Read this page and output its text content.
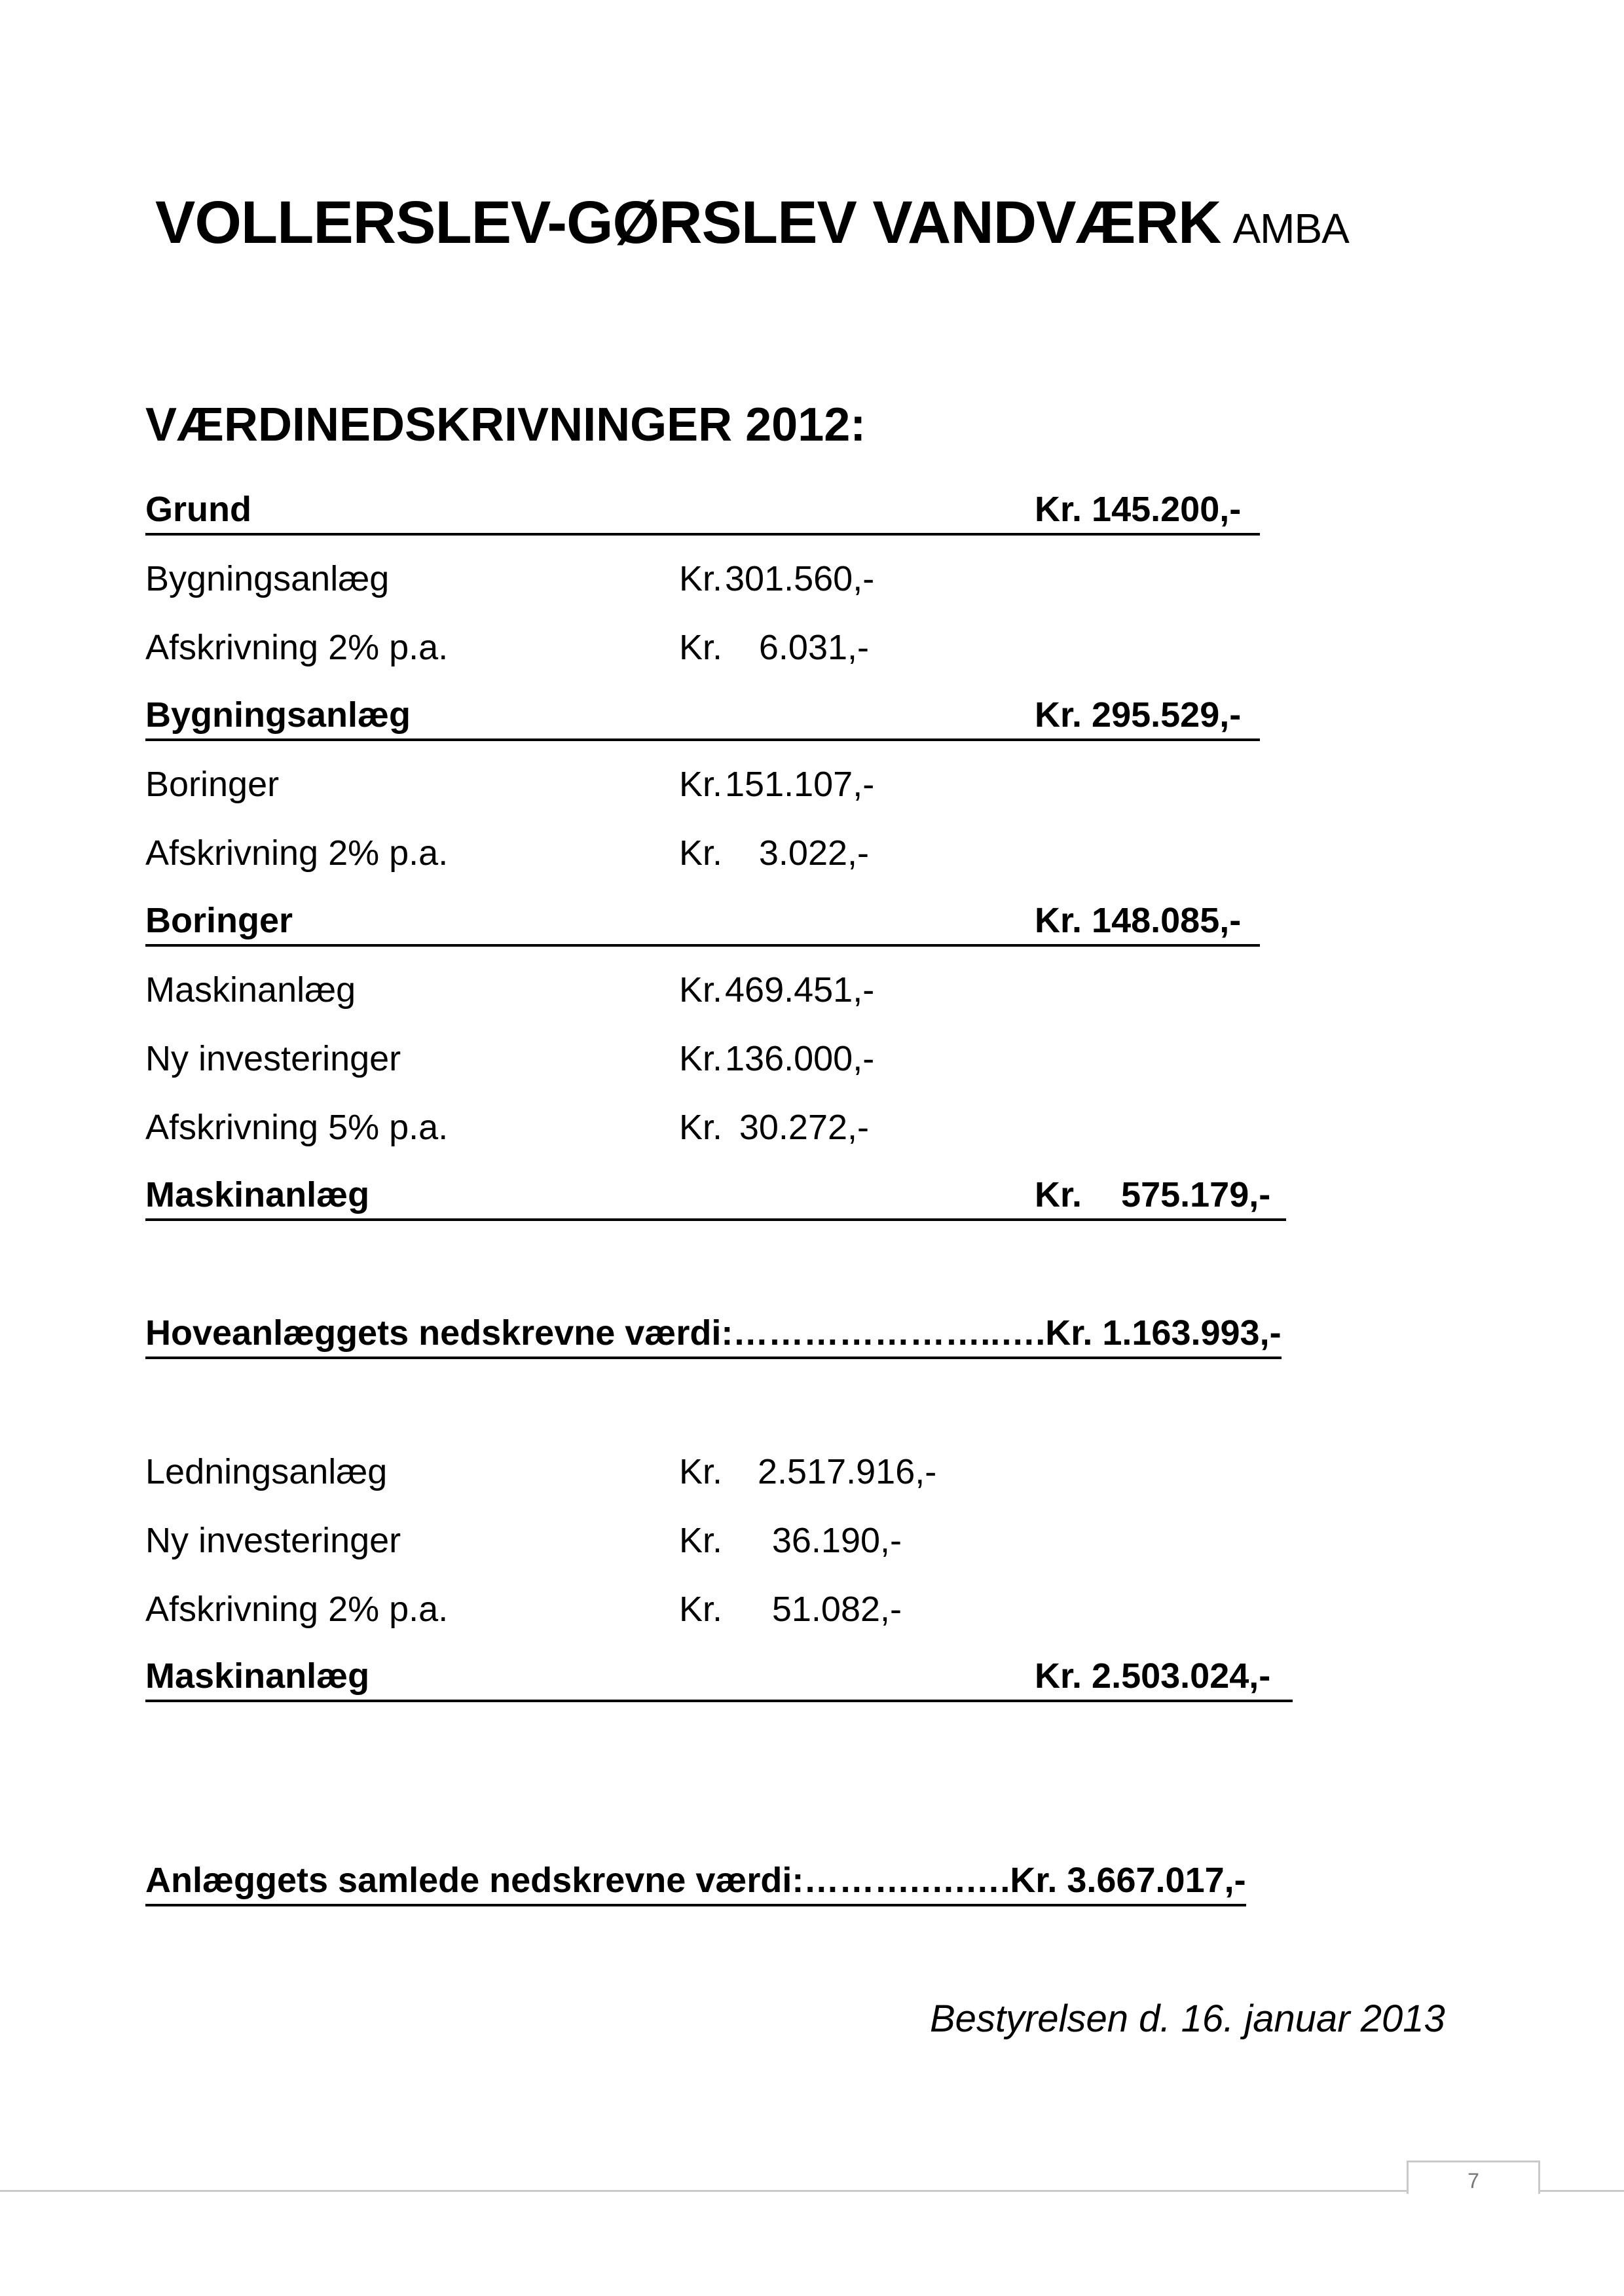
VOLLERSLEV-GØRSLEV VANDVÆRK AMBA
VÆRDINEDSKRIVNINGER 2012:
Grund	Kr. 145.200,-
Bygningsanlæg	Kr. 301.560,-
Afskrivning 2% p.a.	Kr.	6.031,-
Bygningsanlæg	Kr. 295.529,-
Boringer	Kr. 151.107,-
Afskrivning 2% p.a.	Kr.	3.022,-
Boringer	Kr. 148.085,-
Maskinanlæg	Kr. 469.451,-
Ny investeringer	Kr. 136.000,-
Afskrivning 5% p.a.	Kr. 30.272,-
Maskinanlæg	Kr.    575.179,-
Hoveanlæggets nedskrevne værdi:…………………..….Kr. 1.163.993,-
Ledningsanlæg	Kr. 2.517.916,-
Ny investeringer	Kr.	36.190,-
Afskrivning 2% p.a.	Kr.	51.082,-
Maskinanlæg	Kr. 2.503.024,-
Anlæggets samlede nedskrevne værdi:……….….….Kr. 3.667.017,-
Bestyrelsen d. 16. januar 2013
7
